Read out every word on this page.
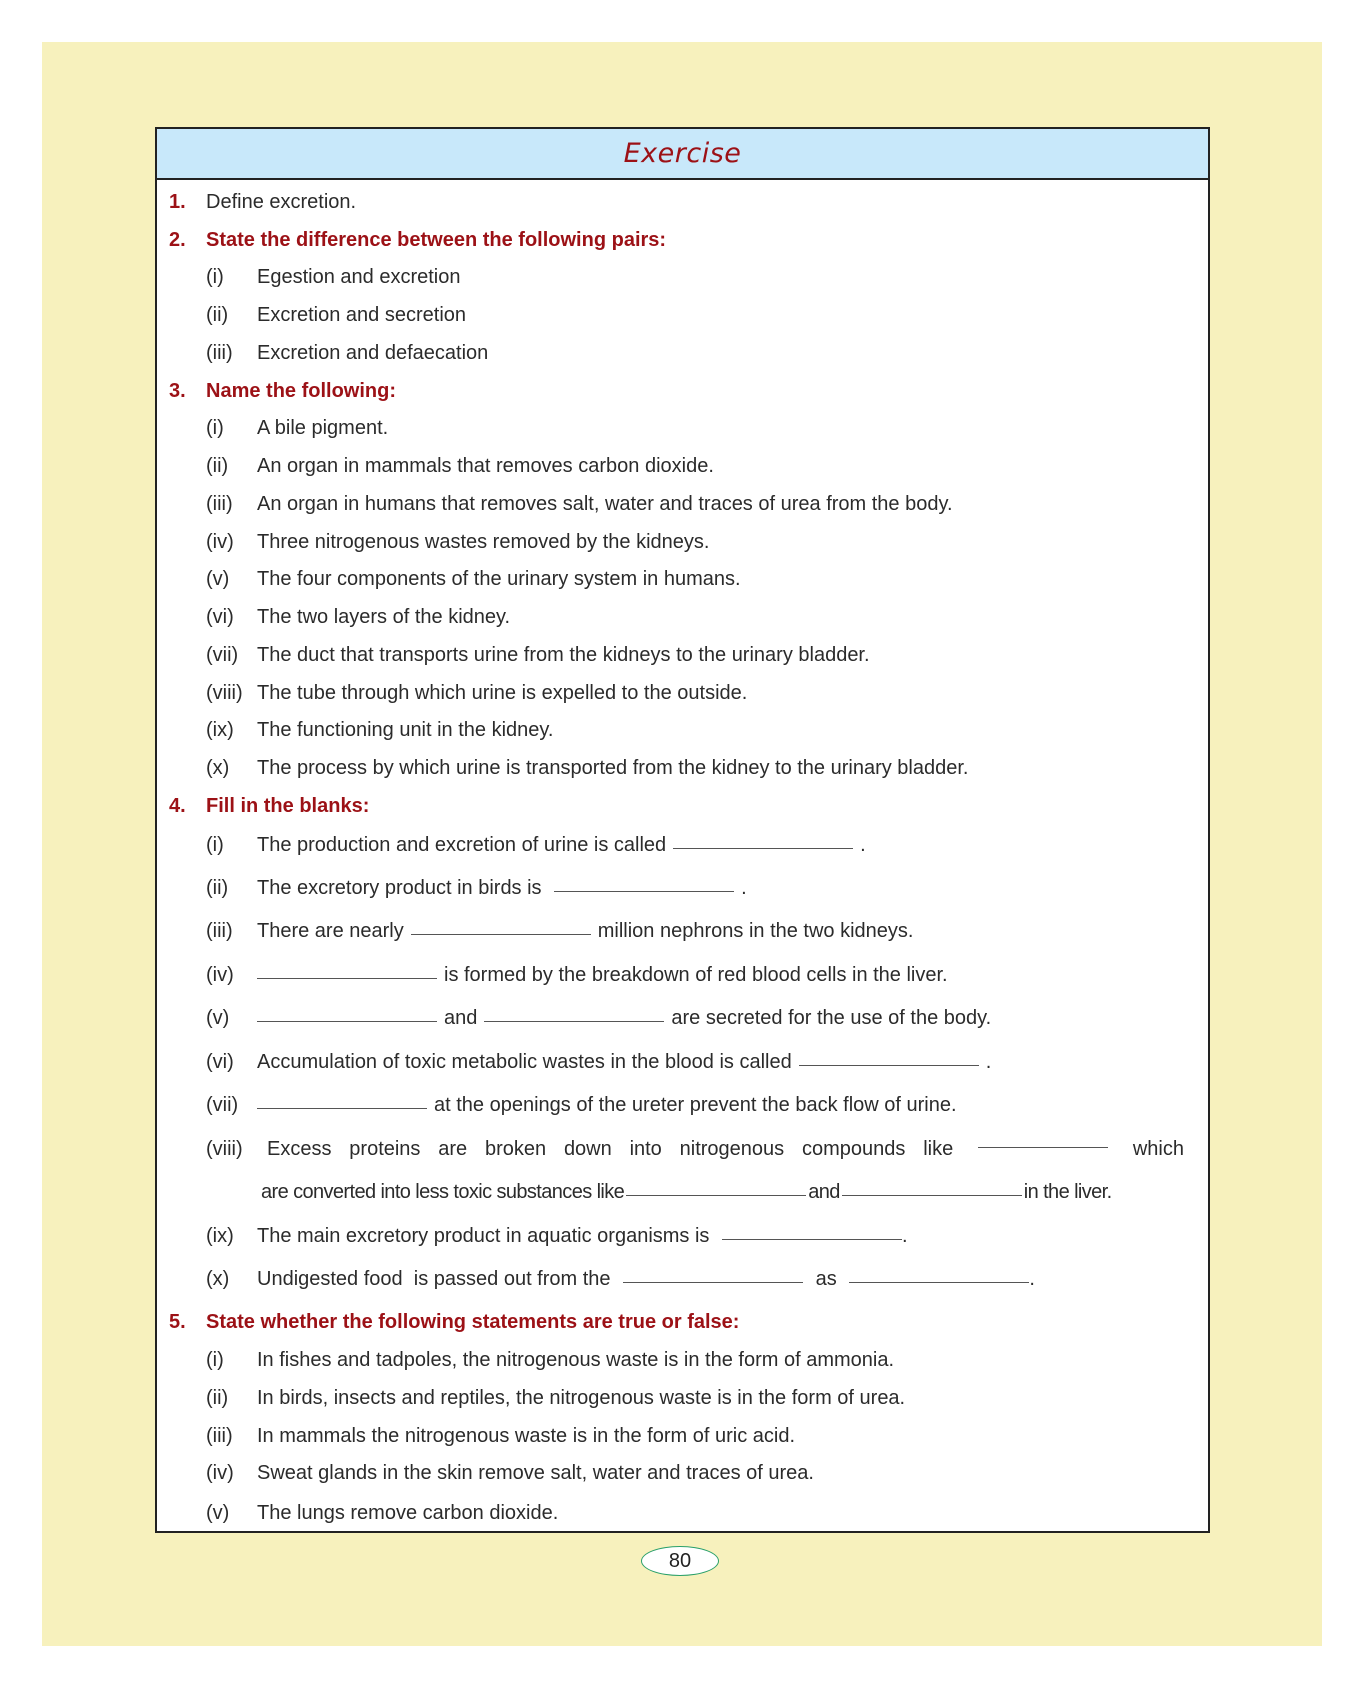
Exercise
1. Define excretion.
2. State the difference between the following pairs:
(i) Egestion and excretion
(ii) Excretion and secretion
(iii) Excretion and defaecation
3. Name the following:
(i) A bile pigment.
(ii) An organ in mammals that removes carbon dioxide.
(iii) An organ in humans that removes salt, water and traces of urea from the body.
(iv) Three nitrogenous wastes removed by the kidneys.
(v) The four components of the urinary system in humans.
(vi) The two layers of the kidney.
(vii) The duct that transports urine from the kidneys to the urinary bladder.
(viii) The tube through which urine is expelled to the outside.
(ix) The functioning unit in the kidney.
(x) The process by which urine is transported from the kidney to the urinary bladder.
4. Fill in the blanks:
(i) The production and excretion of urine is called	.
(ii) The excretory product in birds is	.
(iii) There are nearly	million nephrons in the two kidneys.
(iv)	is formed by the breakdown of red blood cells in the liver.
(v)	and	are secreted for the use of the body.
(vi) Accumulation of toxic metabolic wastes in the blood is called	.
(vii)	at the openings of the ureter prevent the back flow of urine.
(viii) Excess proteins are broken down into nitrogenous compounds like	which
are converted into less toxic substances like	and	in the liver.
(ix) The main excretory product in aquatic organisms is	.
(x) Undigested food  is passed out from the	as	.
5. State whether the following statements are true or false:
(i) In fishes and tadpoles, the nitrogenous waste is in the form of ammonia.
(ii) In birds, insects and reptiles, the nitrogenous waste is in the form of urea.
(iii) In mammals the nitrogenous waste is in the form of uric acid.
(iv) Sweat glands in the skin remove salt, water and traces of urea.
(v) The lungs remove carbon dioxide.
80
